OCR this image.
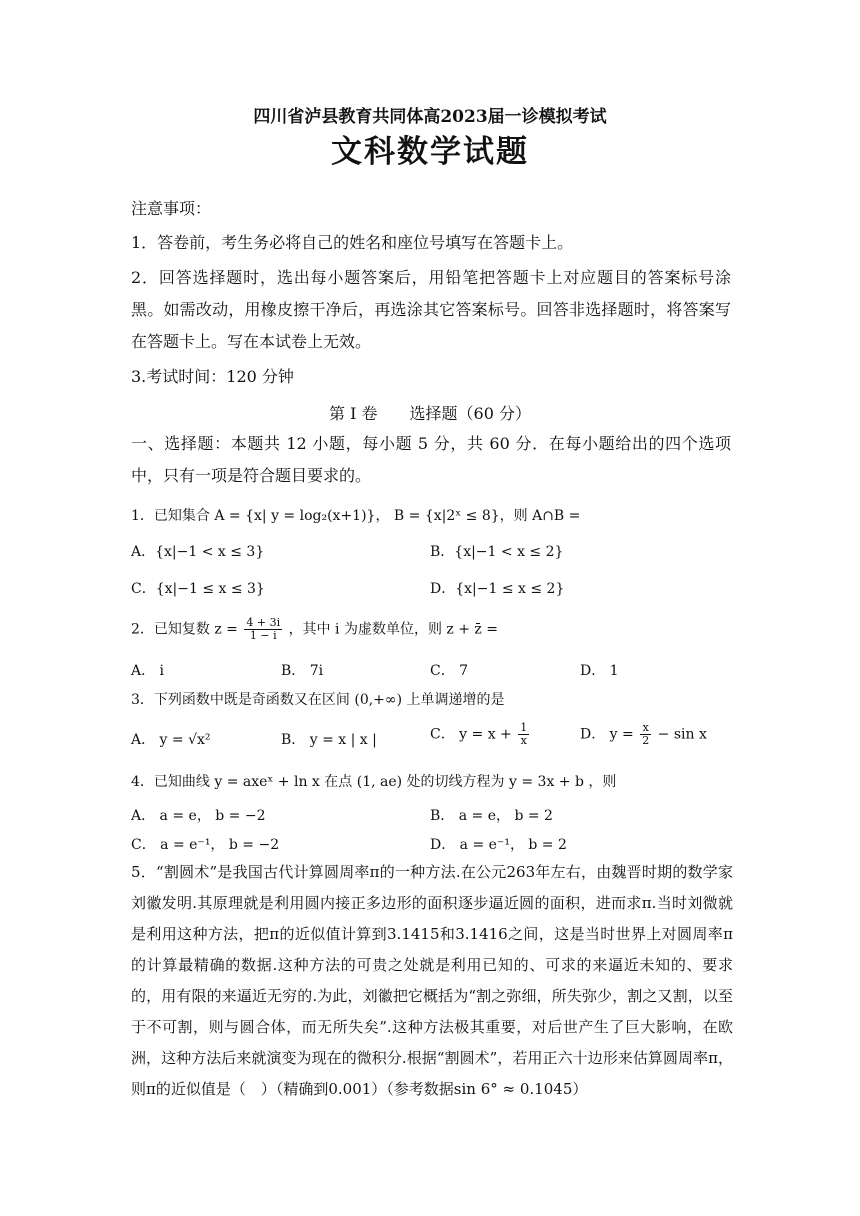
四川省泸县教育共同体高2023届一诊模拟考试
文科数学试题
注意事项：
1．答卷前，考生务必将自己的姓名和座位号填写在答题卡上。
2．回答选择题时，选出每小题答案后，用铅笔把答题卡上对应题目的答案标号涂黑。如需改动，用橡皮擦干净后，再选涂其它答案标号。回答非选择题时，将答案写在答题卡上。写在本试卷上无效。
3.考试时间：120 分钟
第 I 卷　　选择题（60 分）
一、选择题：本题共 12 小题，每小题 5 分，共 60 分．在每小题给出的四个选项中，只有一项是符合题目要求的。
1．已知集合 A = {x| y = log₂(x+1)}， B = {x|2ˣ ≤ 8}，则 A∩B =
A．{x|−1 < x ≤ 3}	B．{x|−1 < x ≤ 2}
C．{x|−1 ≤ x ≤ 3}	D．{x|−1 ≤ x ≤ 2}
2．已知复数 $z = \frac{4 + 3i}{1 - i}$ ，其中 i 为虚数单位，则 z + z̄ =
A． i	B． 7i	C． 7	D． 1
3．下列函数中既是奇函数又在区间 (0,+∞) 上单调递增的是
A． y = √x²	B． y = x | x |	C． $y = x + \frac{1}{x}$	D． $y = \frac{x}{2} - \sin x$
4．已知曲线 y = axeˣ + ln x 在点 (1, ae) 处的切线方程为 y = 3x + b ，则
A． a = e， b = −2	B． a = e， b = 2
C． a = e⁻¹， b = −2	D． a = e⁻¹， b = 2
5．“割圆术”是我国古代计算圆周率π的一种方法.在公元263年左右，由魏晋时期的数学家刘徽发明.其原理就是利用圆内接正多边形的面积逐步逼近圆的面积，进而求π.当时刘微就是利用这种方法，把π的近似值计算到3.1415和3.1416之间，这是当时世界上对圆周率π的计算最精确的数据.这种方法的可贵之处就是利用已知的、可求的来逼近未知的、要求的，用有限的来逼近无穷的.为此，刘徽把它概括为“割之弥细，所失弥少，割之又割，以至于不可割，则与圆合体，而无所失矣”.这种方法极其重要，对后世产生了巨大影响，在欧洲，这种方法后来就演变为现在的微积分.根据“割圆术”，若用正六十边形来估算圆周率π，则π的近似值是（　）（精确到0.001）（参考数据sin 6° ≈ 0.1045）
